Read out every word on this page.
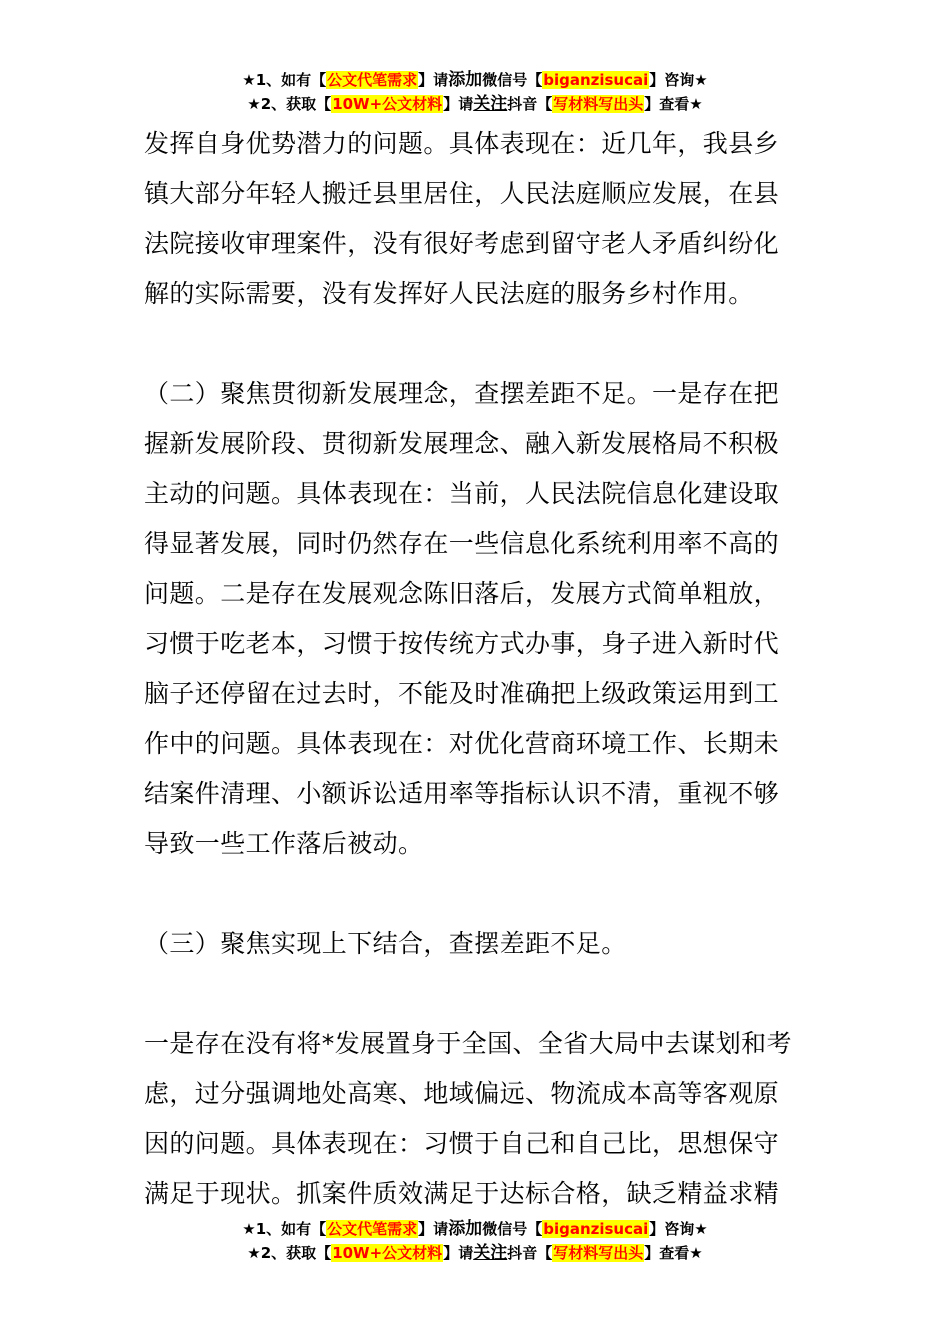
★1、如有【公文代笔需求】请添加微信号【biganzisucai】咨询★
★2、获取【10W+公文材料】请关注抖音【写材料写出头】查看★
发挥自身优势潜力的问题。具体表现在：近几年，我县乡
镇大部分年轻人搬迁县里居住，人民法庭顺应发展，在县
法院接收审理案件，没有很好考虑到留守老人矛盾纠纷化
解的实际需要，没有发挥好人民法庭的服务乡村作用。
（二）聚焦贯彻新发展理念，查摆差距不足。一是存在把
握新发展阶段、贯彻新发展理念、融入新发展格局不积极
主动的问题。具体表现在：当前，人民法院信息化建设取
得显著发展，同时仍然存在一些信息化系统利用率不高的
问题。二是存在发展观念陈旧落后，发展方式简单粗放，
习惯于吃老本，习惯于按传统方式办事，身子进入新时代
脑子还停留在过去时，不能及时准确把上级政策运用到工
作中的问题。具体表现在：对优化营商环境工作、长期未
结案件清理、小额诉讼适用率等指标认识不清，重视不够
导致一些工作落后被动。
（三）聚焦实现上下结合，查摆差距不足。
一是存在没有将*发展置身于全国、全省大局中去谋划和考
虑，过分强调地处高寒、地域偏远、物流成本高等客观原
因的问题。具体表现在：习惯于自己和自己比，思想保守
满足于现状。抓案件质效满足于达标合格，缺乏精益求精
★1、如有【公文代笔需求】请添加微信号【biganzisucai】咨询★
★2、获取【10W+公文材料】请关注抖音【写材料写出头】查看★
